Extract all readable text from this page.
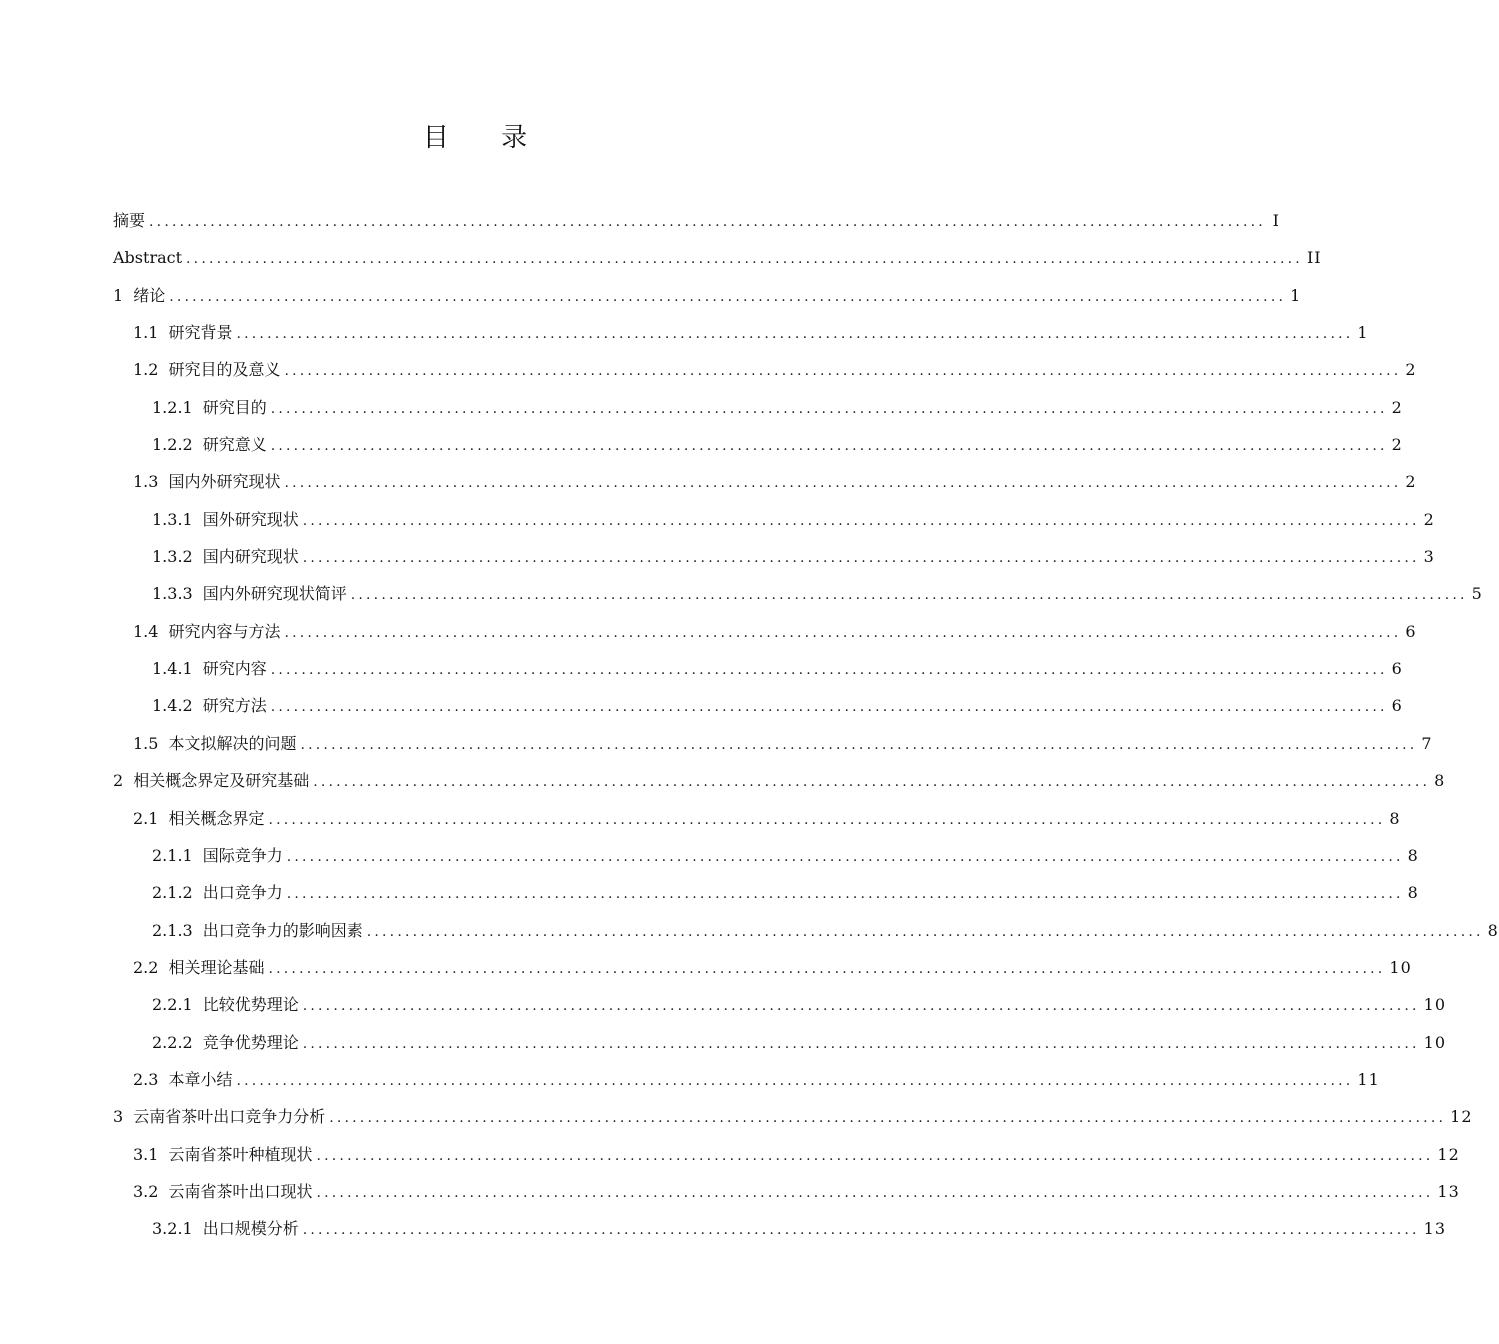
目 录
摘要 .................................................................................................................................................. I
Abstract .................................................................................................................................................. II
1 绪论 .................................................................................................................................................. 1
1.1 研究背景 .................................................................................................................................................. 1
1.2 研究目的及意义 .................................................................................................................................................. 2
1.2.1 研究目的 .................................................................................................................................................. 2
1.2.2 研究意义 .................................................................................................................................................. 2
1.3 国内外研究现状 .................................................................................................................................................. 2
1.3.1 国外研究现状 .................................................................................................................................................. 2
1.3.2 国内研究现状 .................................................................................................................................................. 3
1.3.3 国内外研究现状简评 .................................................................................................................................................. 5
1.4 研究内容与方法 .................................................................................................................................................. 6
1.4.1 研究内容 .................................................................................................................................................. 6
1.4.2 研究方法 .................................................................................................................................................. 6
1.5 本文拟解决的问题 .................................................................................................................................................. 7
2 相关概念界定及研究基础 .................................................................................................................................................. 8
2.1 相关概念界定 .................................................................................................................................................. 8
2.1.1 国际竞争力 .................................................................................................................................................. 8
2.1.2 出口竞争力 .................................................................................................................................................. 8
2.1.3 出口竞争力的影响因素 .................................................................................................................................................. 8
2.2 相关理论基础 .................................................................................................................................................. 10
2.2.1 比较优势理论 .................................................................................................................................................. 10
2.2.2 竞争优势理论 .................................................................................................................................................. 10
2.3 本章小结 .................................................................................................................................................. 11
3 云南省茶叶出口竞争力分析 .................................................................................................................................................. 12
3.1 云南省茶叶种植现状 .................................................................................................................................................. 12
3.2 云南省茶叶出口现状 .................................................................................................................................................. 13
3.2.1 出口规模分析 .................................................................................................................................................. 13
